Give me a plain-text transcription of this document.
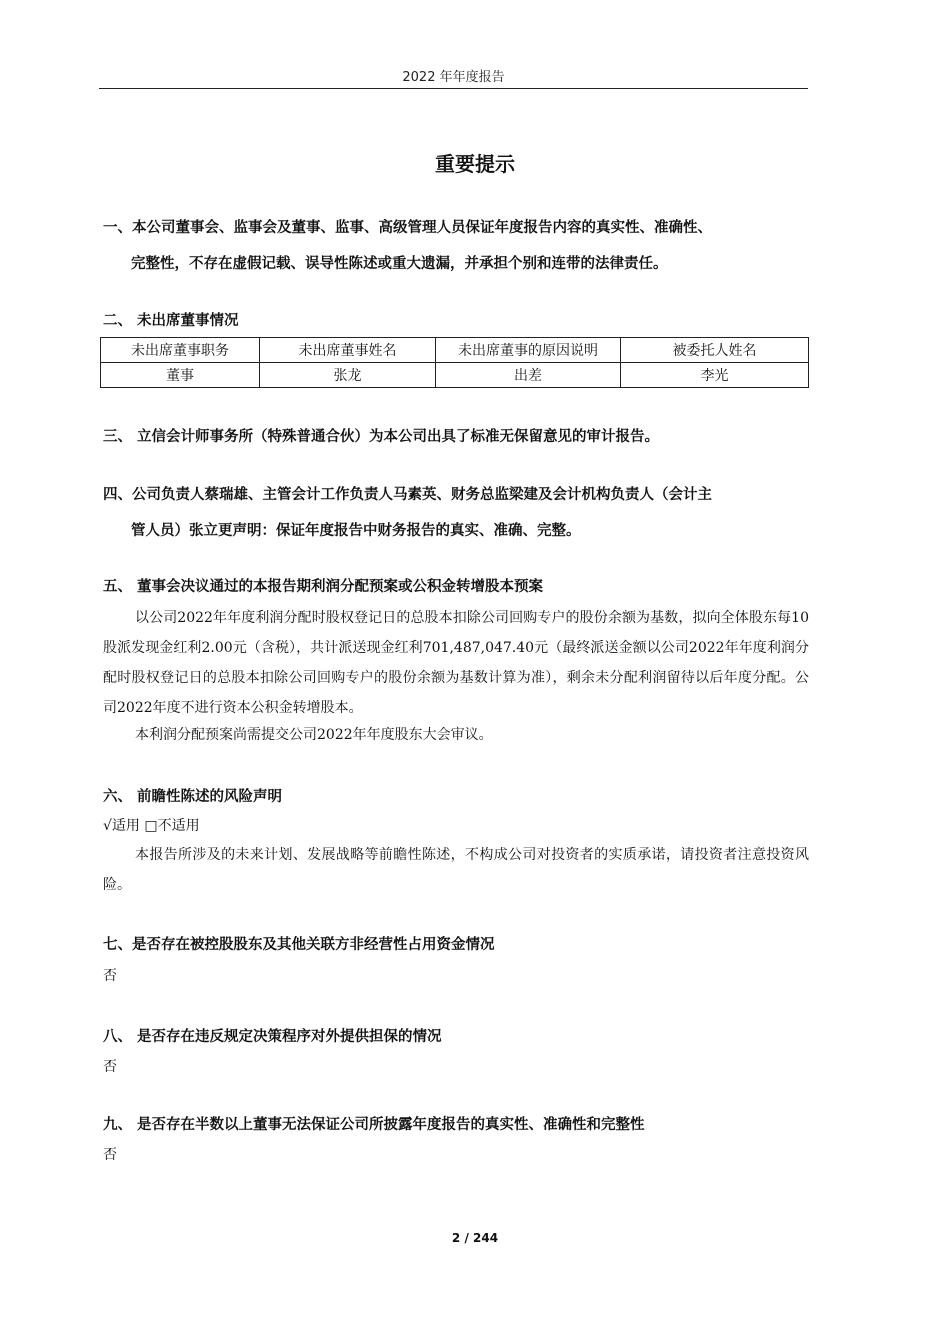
2022 年年度报告
重要提示
一、本公司董事会、监事会及董事、监事、高级管理人员保证年度报告内容的真实性、准确性、
完整性，不存在虚假记载、误导性陈述或重大遗漏，并承担个别和连带的法律责任。
二、 未出席董事情况
未出席董事职务	未出席董事姓名	未出席董事的原因说明	被委托人姓名
董事	张龙	出差	李光
三、 立信会计师事务所（特殊普通合伙）为本公司出具了标准无保留意见的审计报告。
四、公司负责人蔡瑞雄、主管会计工作负责人马素英、财务总监梁建及会计机构负责人（会计主
管人员）张立更声明：保证年度报告中财务报告的真实、准确、完整。
五、 董事会决议通过的本报告期利润分配预案或公积金转增股本预案
以公司2022年年度利润分配时股权登记日的总股本扣除公司回购专户的股份余额为基数，拟向全体股东每10股派发现金红利2.00元（含税），共计派送现金红利701,487,047.40元（最终派送金额以公司2022年年度利润分配时股权登记日的总股本扣除公司回购专户的股份余额为基数计算为准），剩余未分配利润留待以后年度分配。公司2022年度不进行资本公积金转增股本。
本利润分配预案尚需提交公司2022年年度股东大会审议。
六、 前瞻性陈述的风险声明
√适用 □不适用
本报告所涉及的未来计划、发展战略等前瞻性陈述，不构成公司对投资者的实质承诺，请投资者注意投资风险。
七、是否存在被控股股东及其他关联方非经营性占用资金情况
否
八、 是否存在违反规定决策程序对外提供担保的情况
否
九、 是否存在半数以上董事无法保证公司所披露年度报告的真实性、准确性和完整性
否
2 / 244
